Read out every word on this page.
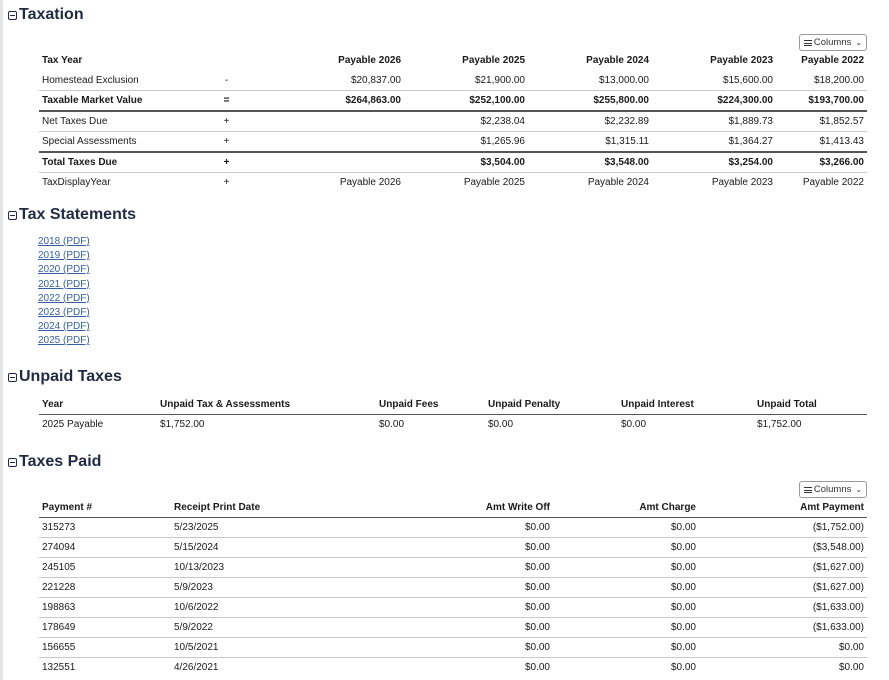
Taxation
Columns ⌄
Tax Year		Payable 2026	Payable 2025	Payable 2024	Payable 2023	Payable 2022
Homestead Exclusion	-	$20,837.00	$21,900.00	$13,000.00	$15,600.00	$18,200.00
Taxable Market Value	=	$264,863.00	$252,100.00	$255,800.00	$224,300.00	$193,700.00
Net Taxes Due	+		$2,238.04	$2,232.89	$1,889.73	$1,852.57
Special Assessments	+		$1,265.96	$1,315.11	$1,364.27	$1,413.43
Total Taxes Due	+		$3,504.00	$3,548.00	$3,254.00	$3,266.00
TaxDisplayYear	+	Payable 2026	Payable 2025	Payable 2024	Payable 2023	Payable 2022
Tax Statements
2018 (PDF)
2019 (PDF)
2020 (PDF)
2021 (PDF)
2022 (PDF)
2023 (PDF)
2024 (PDF)
2025 (PDF)
Unpaid Taxes
Year	Unpaid Tax & Assessments	Unpaid Fees	Unpaid Penalty	Unpaid Interest	Unpaid Total
2025 Payable	$1,752.00	$0.00	$0.00	$0.00	$1,752.00
Taxes Paid
Columns ⌄
Payment #	Receipt Print Date	Amt Write Off	Amt Charge	Amt Payment
315273	5/23/2025	$0.00	$0.00	($1,752.00)
274094	5/15/2024	$0.00	$0.00	($3,548.00)
245105	10/13/2023	$0.00	$0.00	($1,627.00)
221228	5/9/2023	$0.00	$0.00	($1,627.00)
198863	10/6/2022	$0.00	$0.00	($1,633.00)
178649	5/9/2022	$0.00	$0.00	($1,633.00)
156655	10/5/2021	$0.00	$0.00	$0.00
132551	4/26/2021	$0.00	$0.00	$0.00
